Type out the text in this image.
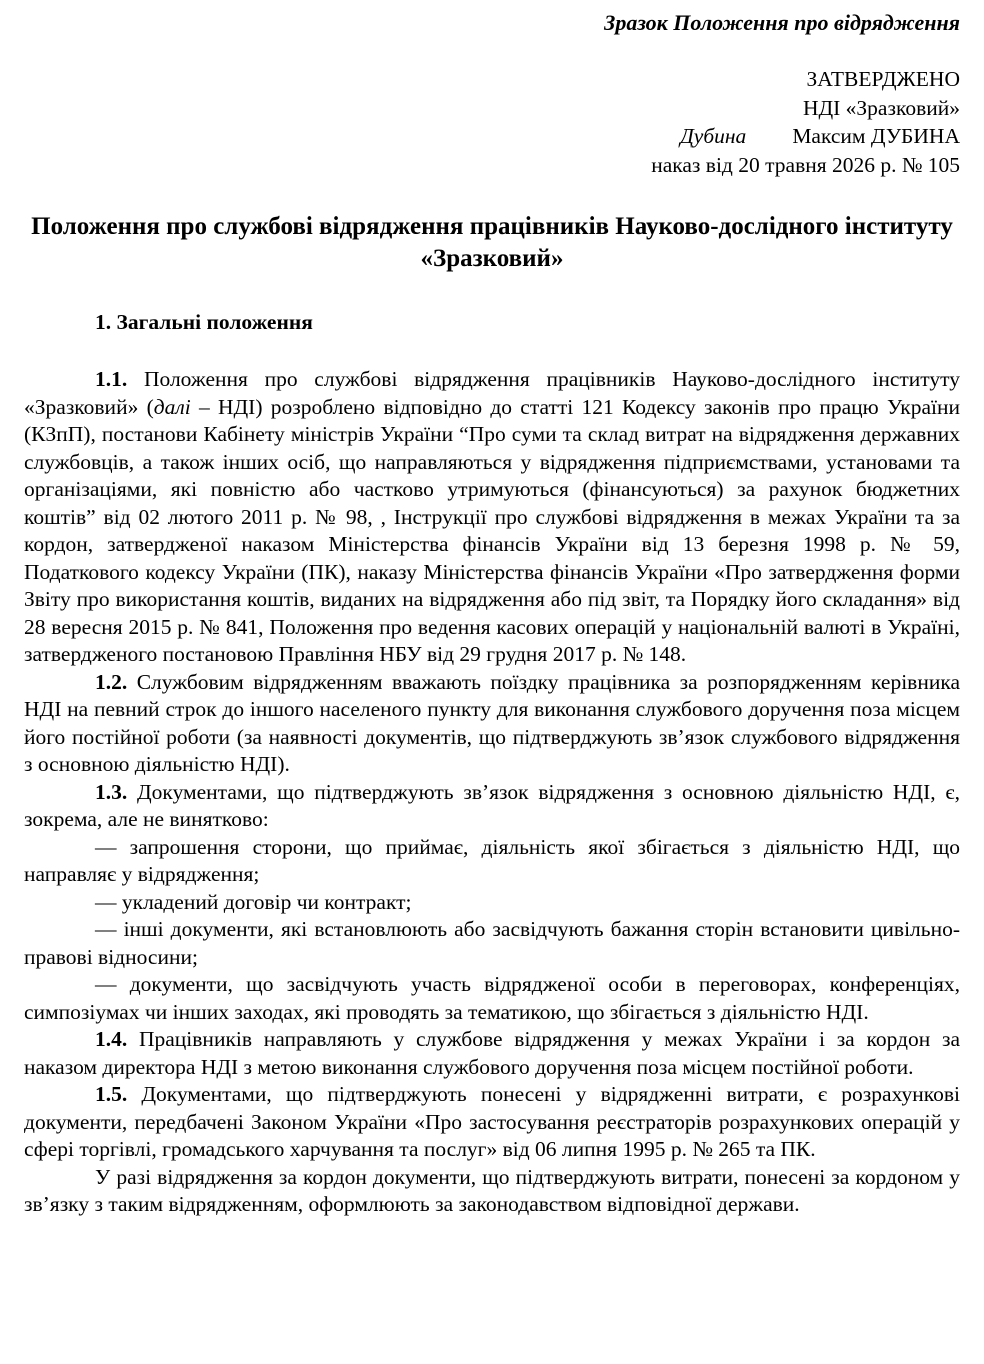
Зразок Положення про відрядження
ЗАТВЕРДЖЕНО
НДІ «Зразковий»
Дубина Максим ДУБИНА
наказ від 20 травня 2026 р. № 105
Положення про службові відрядження працівників Науково-дослідного інституту «Зразковий»
1. Загальні положення

1.1. Положення про службові відрядження працівників Науково-дослідного інституту «Зразковий» (далі – НДІ) розроблено відповідно до статті 121 Кодексу законів про працю України (КЗпП), постанови Кабінету міністрів України “Про суми та склад витрат на відрядження державних службовців, а також інших осіб, що направляються у відрядження підприємствами, установами та організаціями, які повністю або частково утримуються (фінансуються) за рахунок бюджетних коштів” від 02 лютого 2011 р. № 98, , Інструкції про службові відрядження в межах України та за кордон, затвердженої наказом Міністерства фінансів України від 13 березня 1998 р. № 59, Податкового кодексу України (ПК), наказу Міністерства фінансів України «Про затвердження форми Звіту про використання коштів, виданих на відрядження або під звіт, та Порядку його складання» від 28 вересня 2015 р. № 841, Положення про ведення касових операцій у національній валюті в Україні, затвердженого постановою Правління НБУ від 29 грудня 2017 р. № 148.

1.2. Службовим відрядженням вважають поїздку працівника за розпорядженням керівника НДІ на певний строк до іншого населеного пункту для виконання службового доручення поза місцем його постійної роботи (за наявності документів, що підтверджують зв’язок службового відрядження з основною діяльністю НДІ).

1.3. Документами, що підтверджують зв’язок відрядження з основною діяльністю НДІ, є, зокрема, але не винятково:

— запрошення сторони, що приймає, діяльність якої збігається з діяльністю НДІ, що направляє у відрядження;

— укладений договір чи контракт;

— інші документи, які встановлюють або засвідчують бажання сторін встановити цивільно-правові відносини;

— документи, що засвідчують участь відрядженої особи в переговорах, конференціях, симпозіумах чи інших заходах, які проводять за тематикою, що збігається з діяльністю НДІ.

1.4. Працівників направляють у службове відрядження у межах України і за кордон за наказом директора НДІ з метою виконання службового доручення поза місцем постійної роботи.

1.5. Документами, що підтверджують понесені у відрядженні витрати, є розрахункові документи, передбачені Законом України «Про застосування реєстраторів розрахункових операцій у сфері торгівлі, громадського харчування та послуг» від 06 липня 1995 р. № 265 та ПК.

У разі відрядження за кордон документи, що підтверджують витрати, понесені за кордоном у зв’язку з таким відрядженням, оформлюють за законодавством відповідної держави.
